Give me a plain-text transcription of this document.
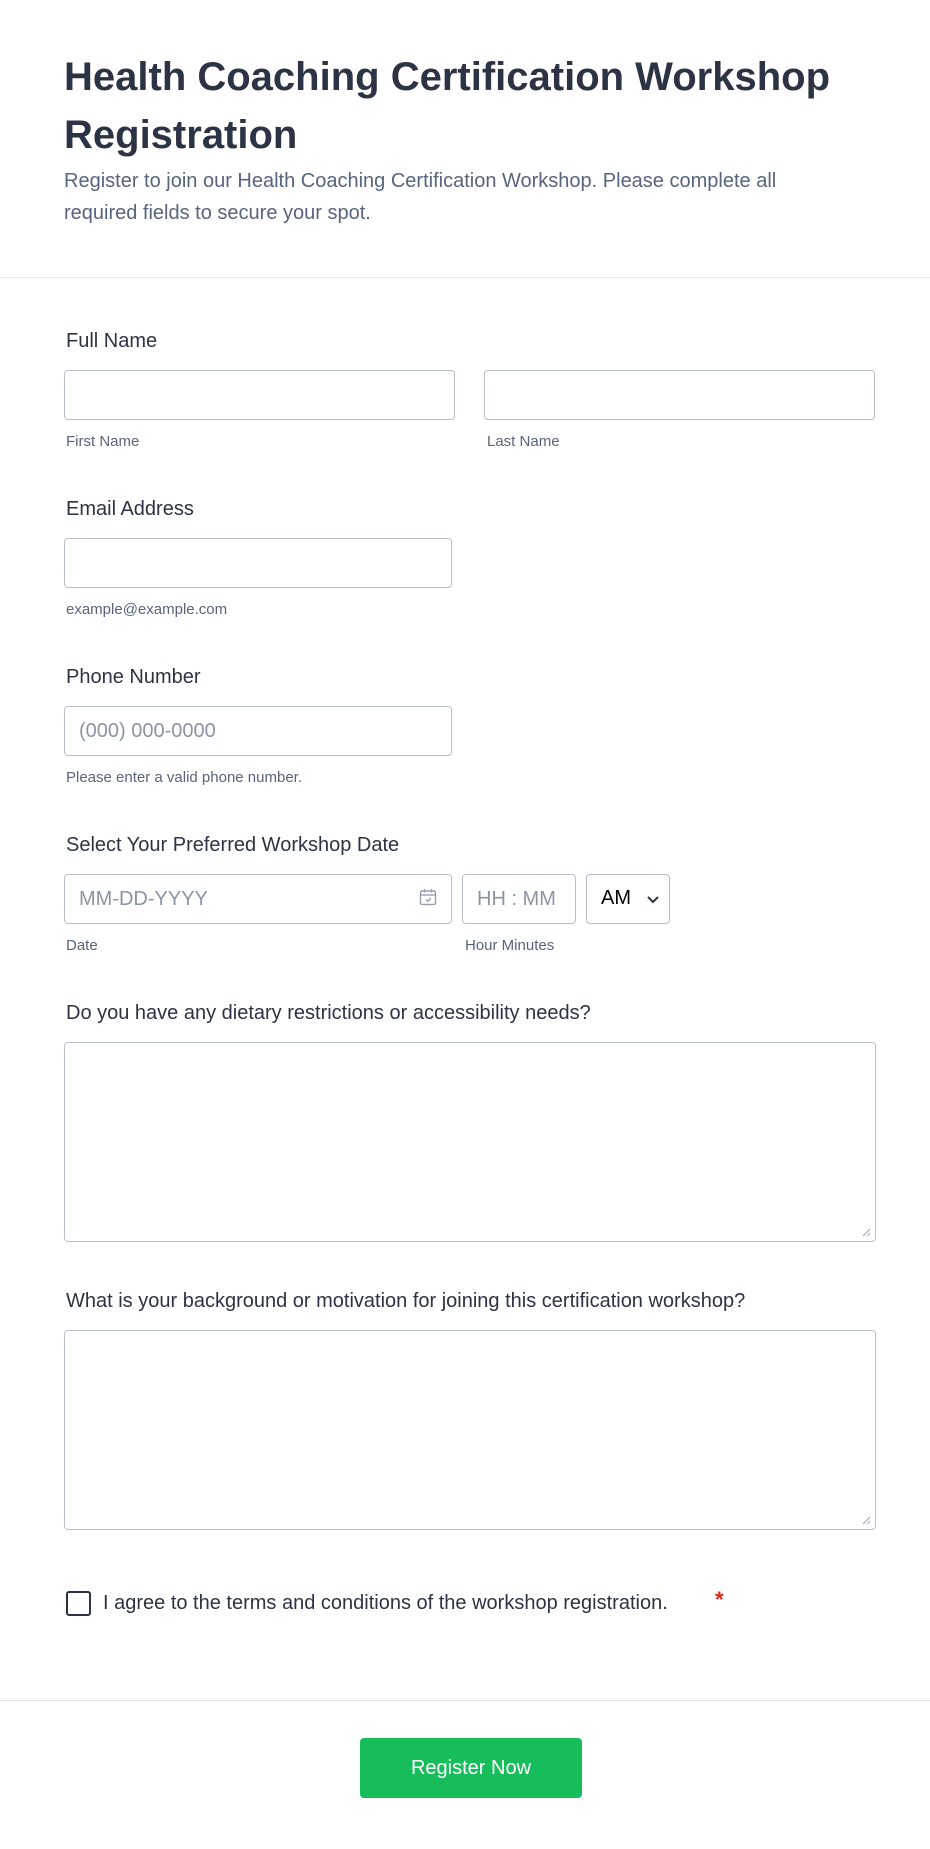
Health Coaching Certification Workshop Registration

Register to join our Health Coaching Certification Workshop. Please complete all required fields to secure your spot.

Full Name
First Name	Last Name
Email Address
example@example.com
Phone Number
(000) 000-0000
Please enter a valid phone number.
Select Your Preferred Workshop Date
MM-DD-YYYY
HH : MM
AM
Date	Hour Minutes
Do you have any dietary restrictions or accessibility needs?
What is your background or motivation for joining this certification workshop?
I agree to the terms and conditions of the workshop registration. *
Register Now
